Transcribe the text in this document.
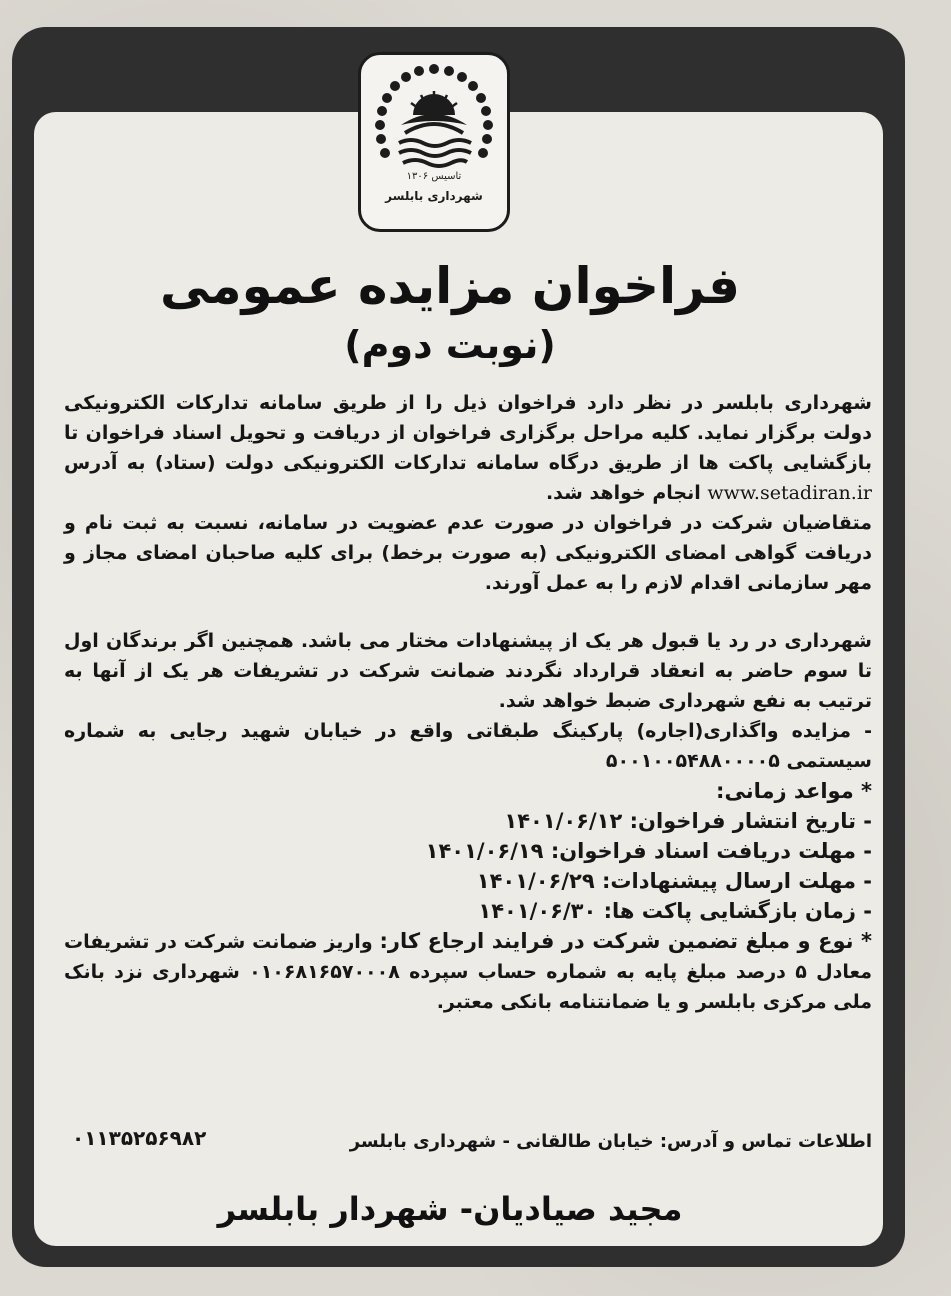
تاسیس ۱۳۰۶
شهرداری بابلسر
فراخوان مزایده عمومی
(نوبت دوم)

شهرداری بابلسر در نظر دارد فراخوان ذیل را از طریق سامانه تدارکات الکترونیکی دولت برگزار نماید. کلیه مراحل برگزاری فراخوان از دریافت و تحویل اسناد فراخوان تا بازگشایی پاکت ها از طریق درگاه سامانه تدارکات الکترونیکی دولت (ستاد) به آدرس www.setadiran.ir انجام خواهد شد.

متقاضیان شرکت در فراخوان در صورت عدم عضویت در سامانه، نسبت به ثبت نام و دریافت گواهی امضای الکترونیکی (به صورت برخط) برای کلیه صاحبان امضای مجاز و مهر سازمانی اقدام لازم را به عمل آورند.

شهرداری در رد یا قبول هر یک از پیشنهادات مختار می باشد. همچنین اگر برندگان اول تا سوم حاضر به انعقاد قرارداد نگردند ضمانت شرکت در تشریفات هر یک از آنها به ترتیب به نفع شهرداری ضبط خواهد شد.

- مزایده واگذاری(اجاره) پارکینگ طبقاتی واقع در خیابان شهید رجایی به شماره سیستمی ۵۰۰۱۰۰۵۴۸۸۰۰۰۰۵

* مواعد زمانی:

- تاریخ انتشار فراخوان: ۱۴۰۱/۰۶/۱۲

- مهلت دریافت اسناد فراخوان: ۱۴۰۱/۰۶/۱۹

- مهلت ارسال پیشنهادات: ۱۴۰۱/۰۶/۲۹

- زمان بازگشایی پاکت ها: ۱۴۰۱/۰۶/۳۰

* نوع و مبلغ تضمین شرکت در فرایند ارجاع کار: واریز ضمانت شرکت در تشریفات معادل ۵ درصد مبلغ پایه به شماره حساب سپرده ۰۱۰۶۸۱۶۵۷۰۰۰۸ شهرداری نزد بانک ملی مرکزی بابلسر و یا ضمانتنامه بانکی معتبر.

اطلاعات تماس و آدرس: خیابان طالقانی - شهرداری بابلسر
۰۱۱۳۵۲۵۶۹۸۲
مجید صیادیان- شهردار بابلسر
